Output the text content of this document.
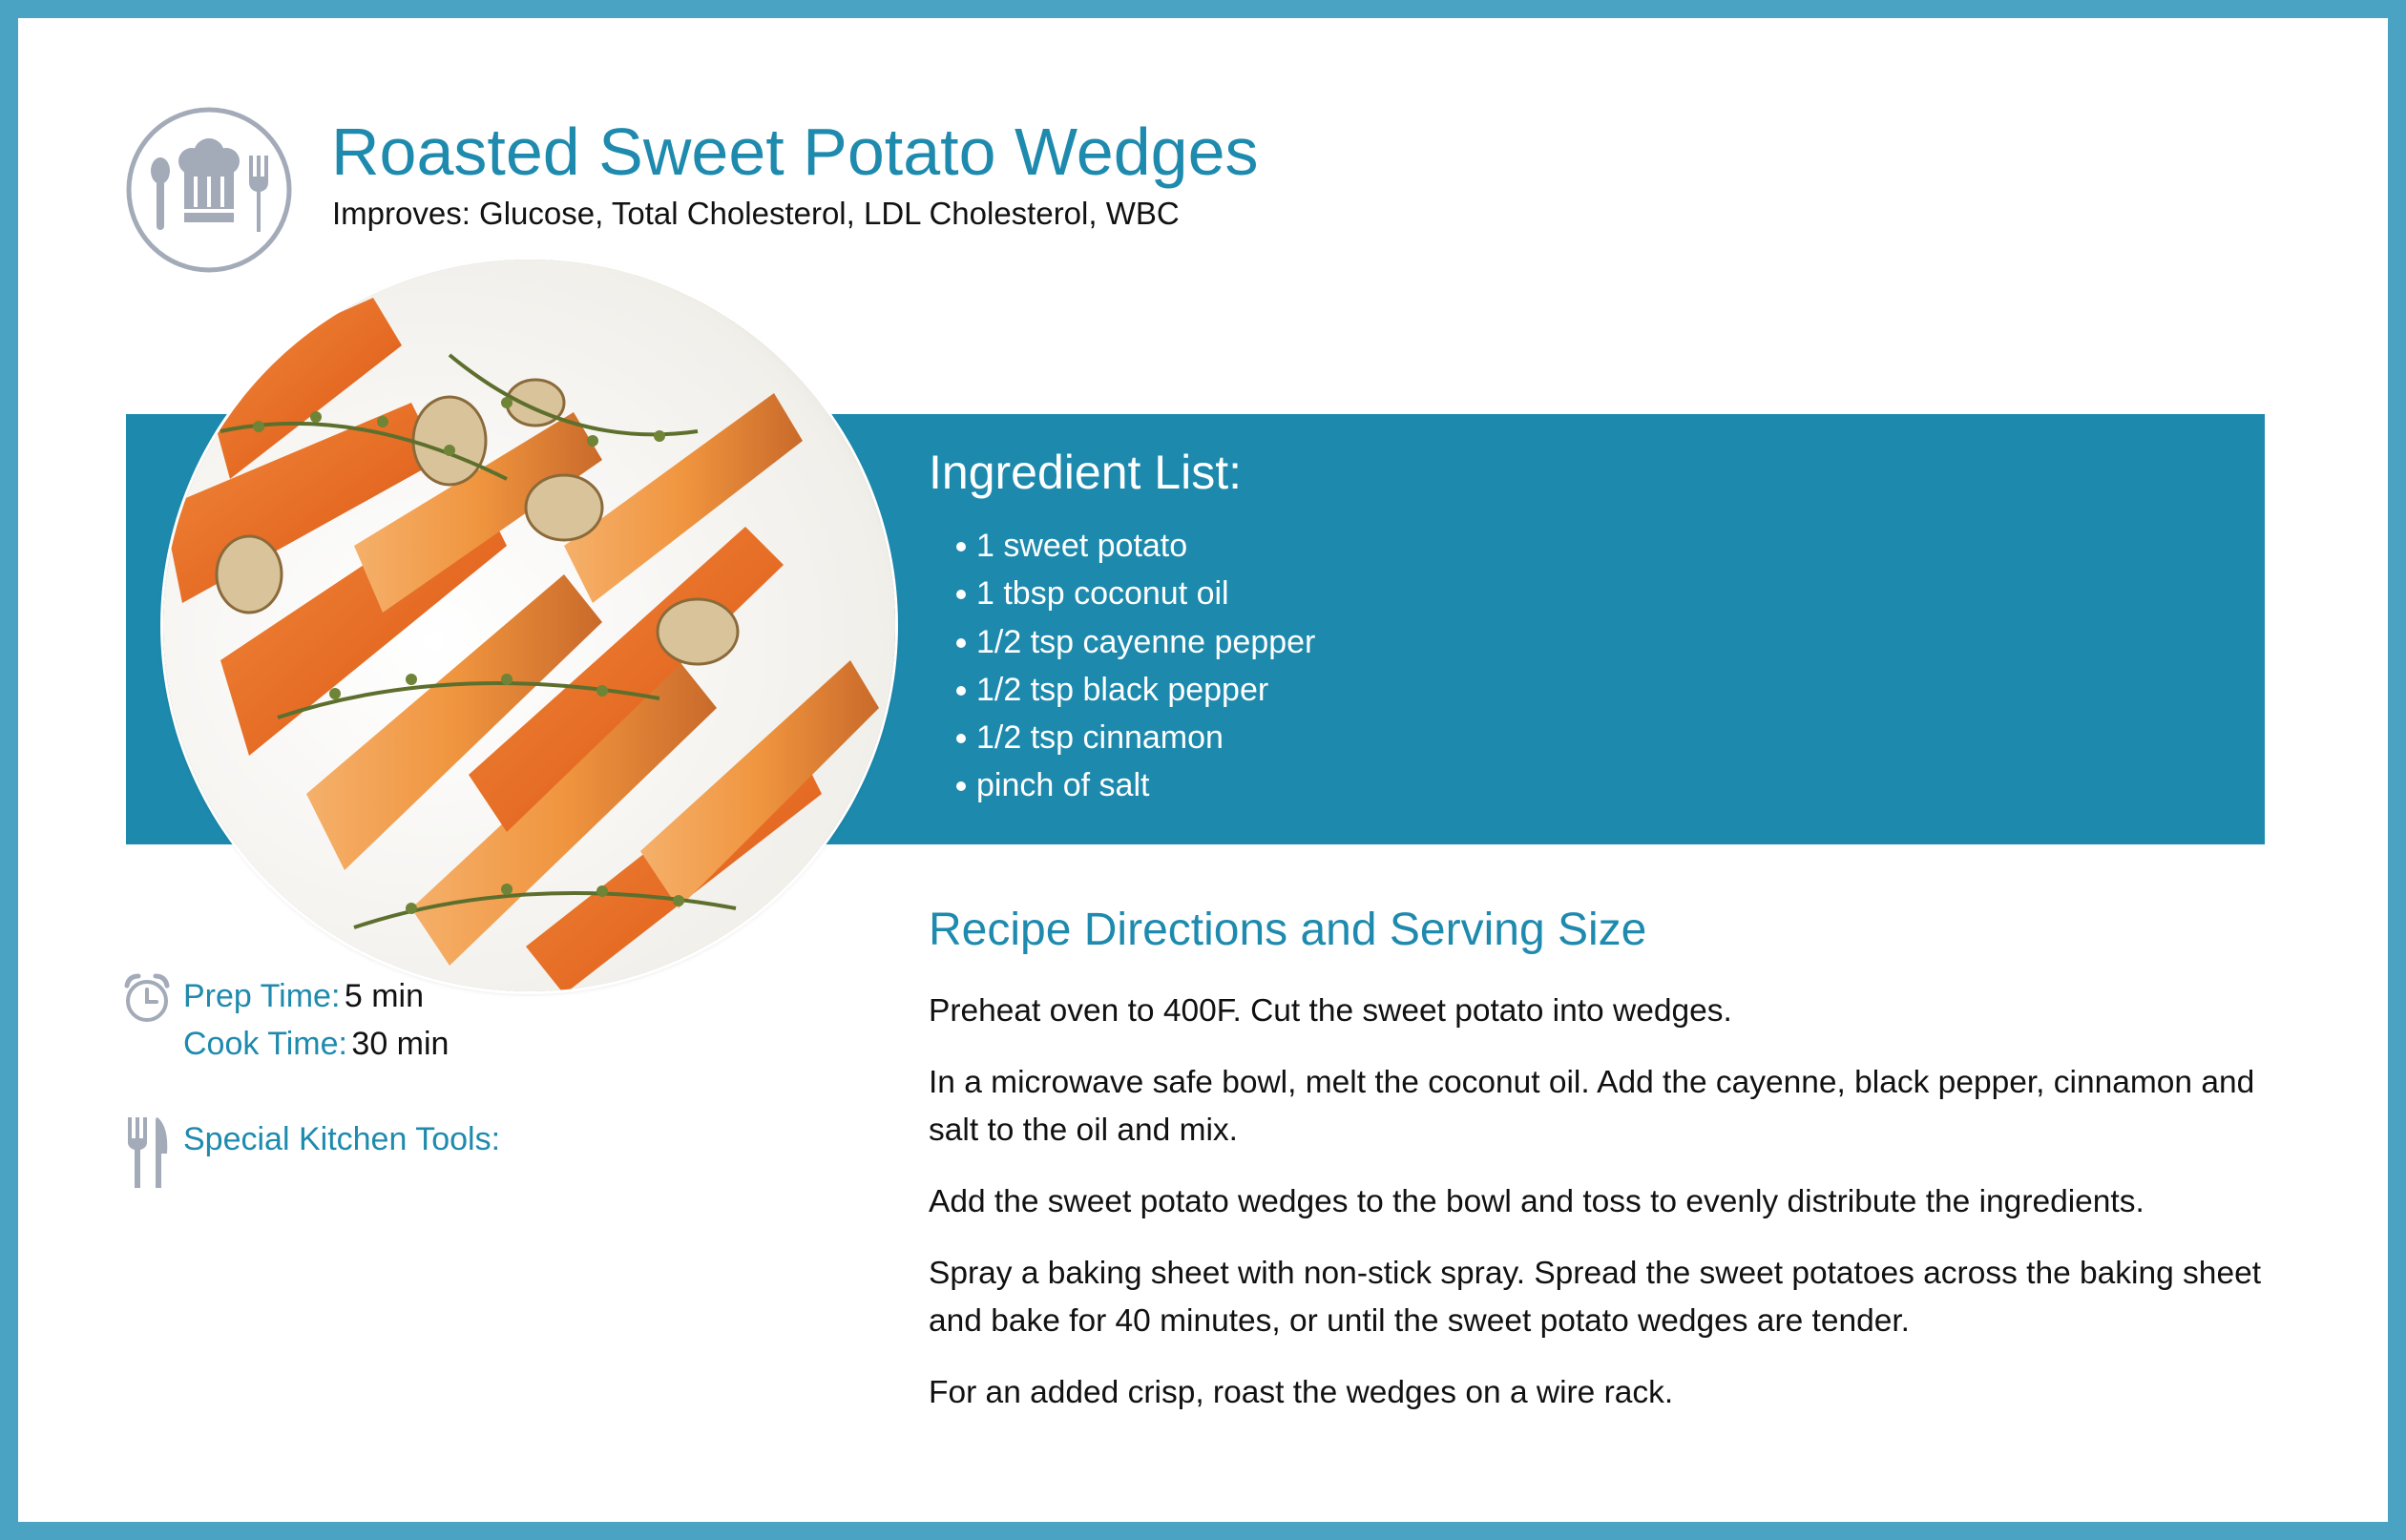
Roasted Sweet Potato Wedges

Improves: Glucose, Total Cholesterol, LDL Cholesterol, WBC

Ingredient List:
1 sweet potato
1 tbsp coconut oil
1/2 tsp cayenne pepper
1/2 tsp black pepper
1/2 tsp cinnamon
pinch of salt

Prep Time: 5 min

Cook Time: 30 min

Special Kitchen Tools:

Recipe Directions and Serving Size

Preheat oven to 400F. Cut the sweet potato into wedges.

In a microwave safe bowl, melt the coconut oil. Add the cayenne, black pepper, cinnamon and salt to the oil and mix.

Add the sweet potato wedges to the bowl and toss to evenly distribute the ingredients.

Spray a baking sheet with non-stick spray. Spread the sweet potatoes across the baking sheet and bake for 40 minutes, or until the sweet potato wedges are tender.

For an added crisp, roast the wedges on a wire rack.
